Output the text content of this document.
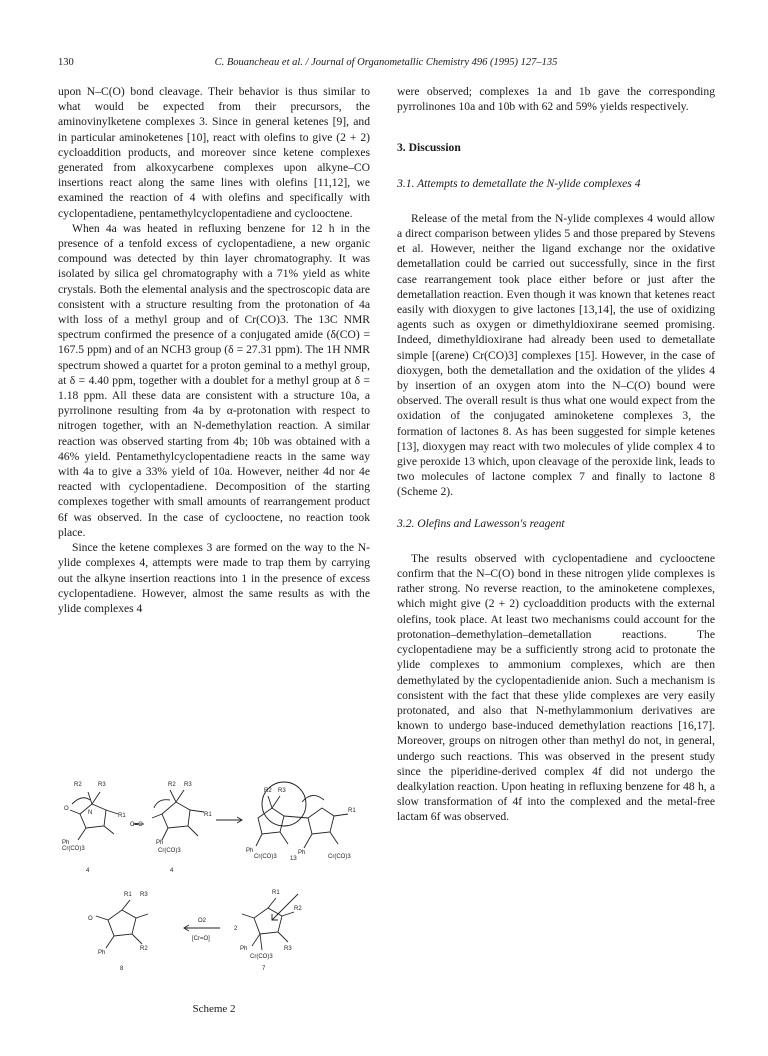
130	C. Bouancheau et al. / Journal of Organometallic Chemistry 496 (1995) 127–135

upon N–C(O) bond cleavage. Their behavior is thus similar to what would be expected from their precursors, the aminovinylketene complexes 3. Since in general ketenes [9], and in particular aminoketenes [10], react with olefins to give (2 + 2) cycloaddition products, and moreover since ketene complexes generated from alkoxycarbene complexes upon alkyne–CO insertions react along the same lines with olefins [11,12], we examined the reaction of 4 with olefins and specifically with cyclopentadiene, pentamethylcyclopentadiene and cyclooctene.

When 4a was heated in refluxing benzene for 12 h in the presence of a tenfold excess of cyclopentadiene, a new organic compound was detected by thin layer chromatography. It was isolated by silica gel chromatography with a 71% yield as white crystals. Both the elemental analysis and the spectroscopic data are consistent with a structure resulting from the protonation of 4a with loss of a methyl group and of Cr(CO)3. The 13C NMR spectrum confirmed the presence of a conjugated amide (δ(CO) = 167.5 ppm) and of an NCH3 group (δ = 27.31 ppm). The 1H NMR spectrum showed a quartet for a proton geminal to a methyl group, at δ = 4.40 ppm, together with a doublet for a methyl group at δ = 1.18 ppm. All these data are consistent with a structure 10a, a pyrrolinone resulting from 4a by α-protonation with respect to nitrogen together, with an N-demethylation reaction. A similar reaction was observed starting from 4b; 10b was obtained with a 46% yield. Pentamethylcyclopentadiene reacts in the same way with 4a to give a 33% yield of 10a. However, neither 4d nor 4e reacted with cyclopentadiene. Decomposition of the starting complexes together with small amounts of rearrangement product 6f was observed. In the case of cyclooctene, no reaction took place.

Since the ketene complexes 3 are formed on the way to the N-ylide complexes 4, attempts were made to trap them by carrying out the alkyne insertion reactions into 1 in the presence of excess cyclopentadiene. However, almost the same results as with the ylide complexes 4

R2	R3
N
O
R1
Ph
Cr(CO)3
4
O=O
R2 R3
R1
Ph
Cr(CO)3
4
R2 R3
R1
Ph
Cr(CO)3
Ph
Cr(CO)3
13
R1 R3
O
Ph
R2
8
O2
[Cr=O]
2
R1
R2
Ph	R3
Cr(CO)3
7
Scheme 2

were observed; complexes 1a and 1b gave the corresponding pyrrolinones 10a and 10b with 62 and 59% yields respectively.

3. Discussion

3.1. Attempts to demetallate the N-ylide complexes 4

Release of the metal from the N-ylide complexes 4 would allow a direct comparison between ylides 5 and those prepared by Stevens et al. However, neither the ligand exchange nor the oxidative demetallation could be carried out successfully, since in the first case rearrangement took place either before or just after the demetallation reaction. Even though it was known that ketenes react easily with dioxygen to give lactones [13,14], the use of oxidizing agents such as oxygen or dimethyldioxirane seemed promising. Indeed, dimethyldioxirane had already been used to demetallate simple [(arene) Cr(CO)3] complexes [15]. However, in the case of dioxygen, both the demetallation and the oxidation of the ylides 4 by insertion of an oxygen atom into the N–C(O) bound were observed. The overall result is thus what one would expect from the oxidation of the conjugated aminoketene complexes 3, the formation of lactones 8. As has been suggested for simple ketenes [13], dioxygen may react with two molecules of ylide complex 4 to give peroxide 13 which, upon cleavage of the peroxide link, leads to two molecules of lactone complex 7 and finally to lactone 8 (Scheme 2).

3.2. Olefins and Lawesson's reagent

The results observed with cyclopentadiene and cyclooctene confirm that the N–C(O) bond in these nitrogen ylide complexes is rather strong. No reverse reaction, to the aminoketene complexes, which might give (2 + 2) cycloaddition products with the external olefins, took place. At least two mechanisms could account for the protonation–demethylation–demetallation reactions. The cyclopentadiene may be a sufficiently strong acid to protonate the ylide complexes to ammonium complexes, which are then demethylated by the cyclopentadienide anion. Such a mechanism is consistent with the fact that these ylide complexes are very easily protonated, and also that N-methylammonium derivatives are known to undergo base-induced demethylation reactions [16,17]. Moreover, groups on nitrogen other than methyl do not, in general, undergo such reactions. This was observed in the present study since the piperidine-derived complex 4f did not undergo the dealkylation reaction. Upon heating in refluxing benzene for 48 h, a slow transformation of 4f into the complexed and the metal-free lactam 6f was observed.
